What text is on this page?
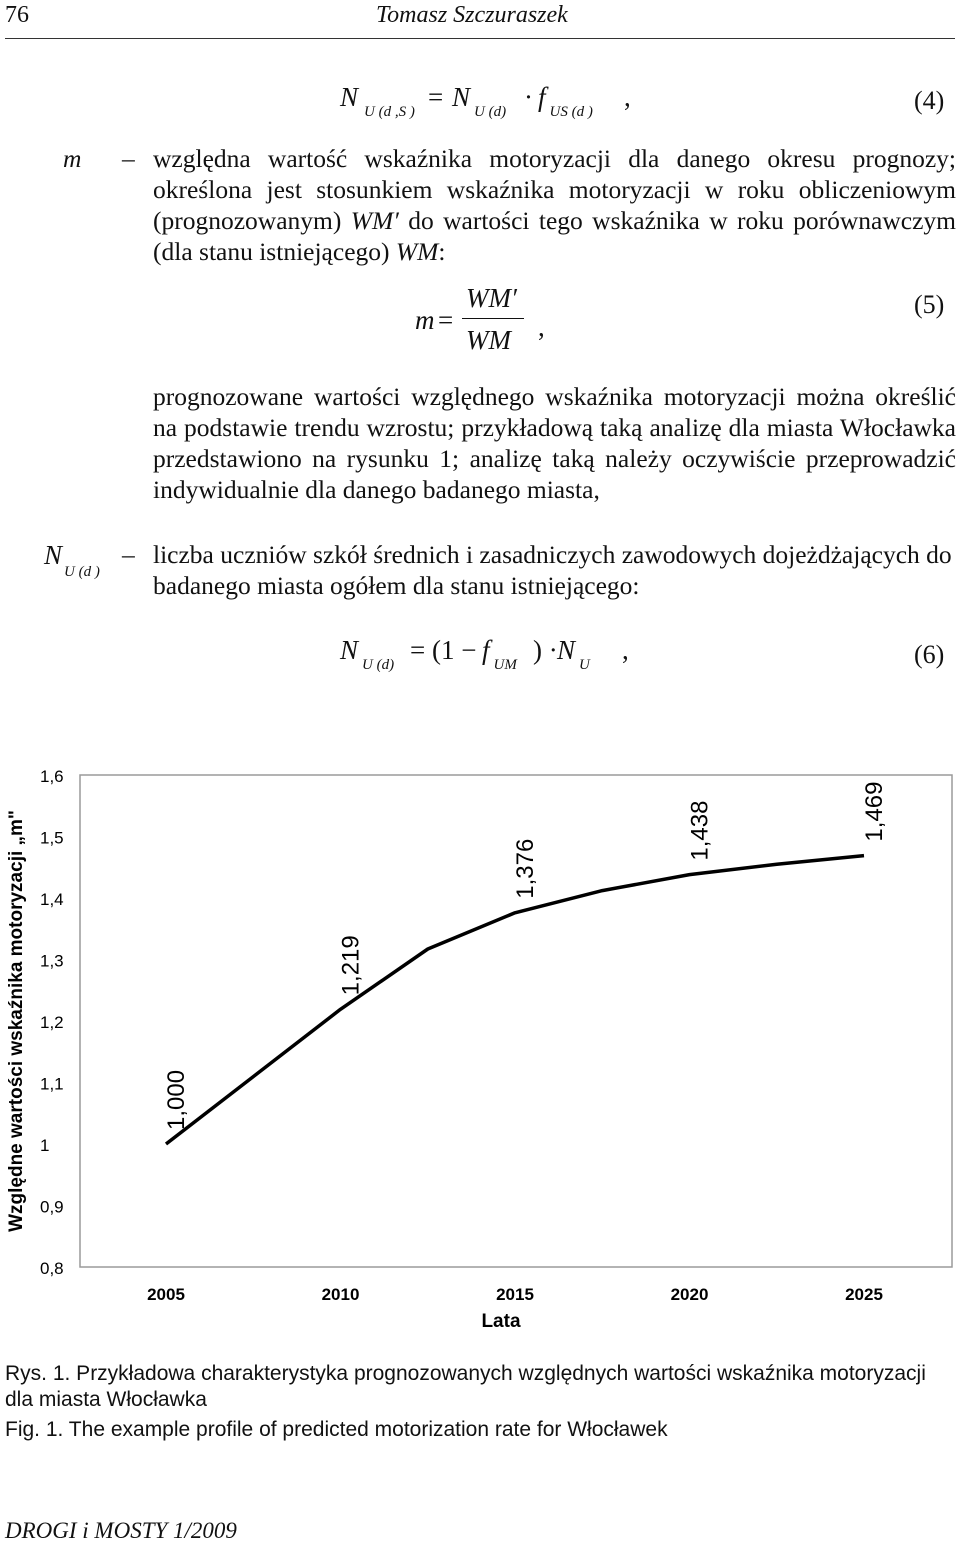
76	Tomasz Szczuraszek
N $_{U (d ,S )}$ = N $_{U (d)}$ · f $_{US (d )}$ ,	(4)
m – względna wartość wskaźnika motoryzacji dla danego okresu prognozy; określona jest stosunkiem wskaźnika motoryzacji w roku obliczeniowym (prognozowanym) WM′ do wartości tego wskaźnika w roku porównawczym (dla stanu istniejącego) WM:
m =
WM′
WM ,
(5)
prognozowane wartości względnego wskaźnika motoryzacji można określić na podstawie trendu wzrostu; przykładową taką analizę dla miasta Włocławka przedstawiono na rysunku 1; analizę taką należy oczywiście przeprowadzić indywidualnie dla danego badanego miasta,
$N_{U (d )}$
– liczba uczniów szkół średnich i zasadniczych zawodowych dojeżdżających do badanego miasta ogółem dla stanu istniejącego:
N $_{U (d)}$ = (1 − f $_{UM}$ ) · N $_U$ ,	(6)
0,8
0,9
1
1,1
1,2
1,3
1,4
1,5
1,6
2005	2010	2015	2020	2025
1,000
1,219
1,376
1,438	1,469
Względne wartości wskaźnika motoryzacji „m"
Lata
Rys. 1. Przykładowa charakterystyka prognozowanych względnych wartości wskaźnika motoryzacji dla miasta Włocławka
Fig. 1. The example profile of predicted motorization rate for Włocławek
DROGI i MOSTY 1/2009
